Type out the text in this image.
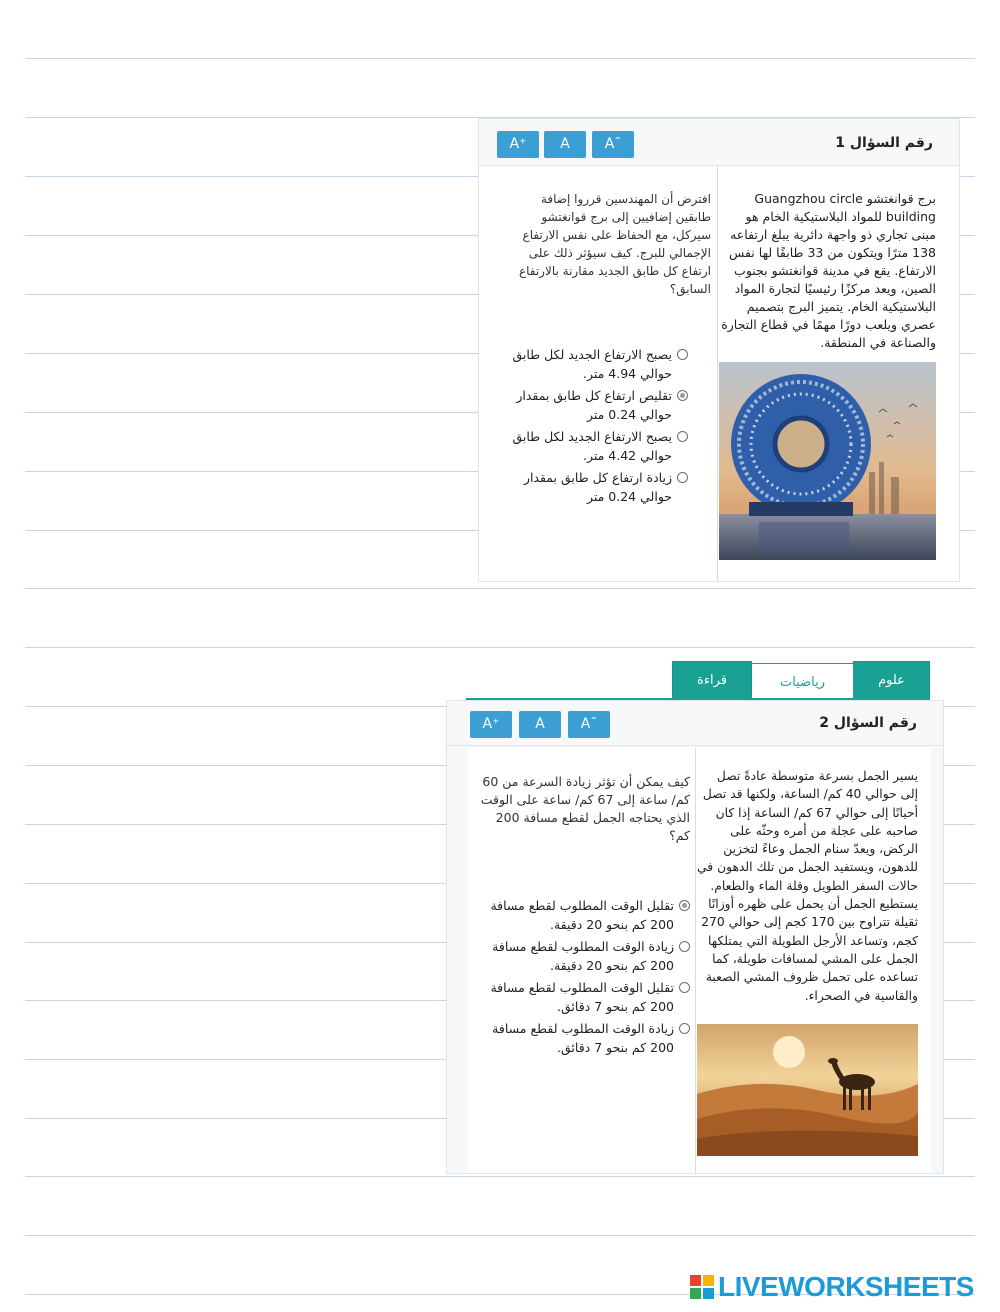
رقم السؤال 1
Aˉ
A
A⁺
برج قوانغتشو Guangzhou circle building للمواد البلاستيكية الخام هو مبنى تجاري ذو واجهة دائرية يبلغ ارتفاعه 138 مترًا ويتكون من 33 طابقًا لها نفس الارتفاع. يقع في مدينة قوانغتشو بجنوب الصين، ويعد مركزًا رئيسيًا لتجارة المواد البلاستيكية الخام. يتميز البرج بتصميم عصري ويلعب دورًا مهمًا في قطاع التجارة والصناعة في المنطقة.
افترض أن المهندسين قرروا إضافة طابقين إضافيين إلى برج قوانغتشو سيركل، مع الحفاظ على نفس الارتفاع الإجمالي للبرج. كيف سيؤثر ذلك على ارتفاع كل طابق الجديد مقارنة بالارتفاع السابق؟
يصبح الارتفاع الجديد لكل طابق حوالي 4.94 متر.
تقليص ارتفاع كل طابق بمقدار حوالي 0.24 متر
يصبح الارتفاع الجديد لكل طابق حوالي 4.42 متر.
زيادة ارتفاع كل طابق بمقدار حوالي 0.24 متر
علوم
رياضيات
قراءة
رقم السؤال 2
Aˉ
A
A⁺
يسير الجمل بسرعة متوسطة عادةً تصل إلى حوالي 40 كم/ الساعة، ولكنها قد تصل أحيانًا إلى حوالي 67 كم/ الساعة إذا كان صاحبه على عجلة من أمره وحثّه على الركض، ويعدّ سنام الجمل وعاءً لتخزين للدهون، ويستفيد الجمل من تلك الدهون في حالات السفر الطويل وقلة الماء والطعام. يستطيع الجمل أن يحمل على ظهره أوزانًا ثقيلة تتراوح بين 170 كجم إلى حوالي 270 كجم، وتساعد الأرجل الطويلة التي يمتلكها الجمل على المشي لمسافات طويلة، كما تساعده على تحمل ظروف المشي الصعبة والقاسية في الصحراء.
كيف يمكن أن تؤثر زيادة السرعة من 60 كم/ ساعة إلى 67 كم/ ساعة على الوقت الذي يحتاجه الجمل لقطع مسافة 200 كم؟
تقليل الوقت المطلوب لقطع مسافة 200 كم بنحو 20 دقيقة.
زيادة الوقت المطلوب لقطع مسافة 200 كم بنحو 20 دقيقة.
تقليل الوقت المطلوب لقطع مسافة 200 كم بنحو 7 دقائق.
زيادة الوقت المطلوب لقطع مسافة 200 كم بنحو 7 دقائق.
LIVEWORKSHEETS
